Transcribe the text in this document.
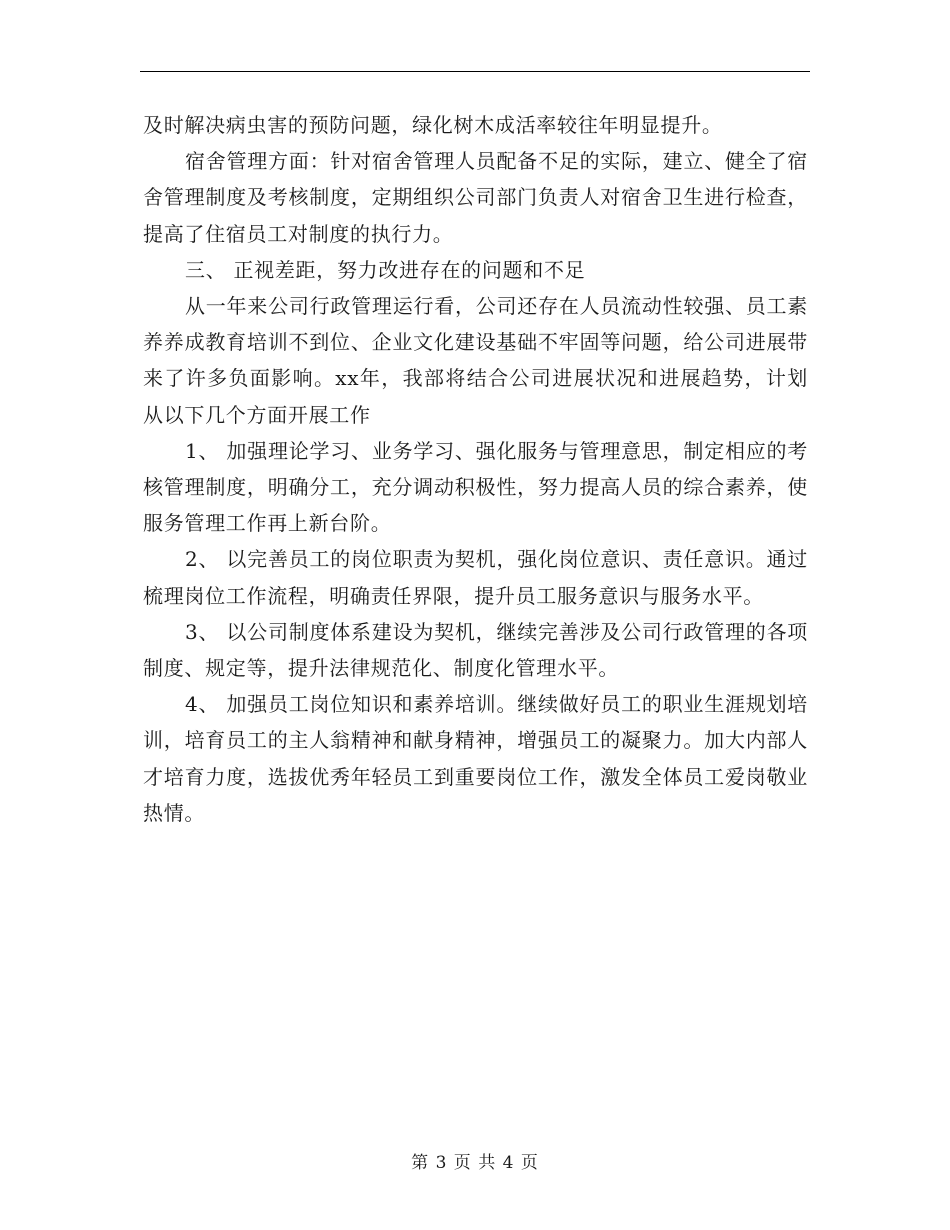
及时解决病虫害的预防问题，绿化树木成活率较往年明显提升。

宿舍管理方面：针对宿舍管理人员配备不足的实际，建立、健全了宿舍管理制度及考核制度，定期组织公司部门负责人对宿舍卫生进行检查，提高了住宿员工对制度的执行力。

三、 正视差距，努力改进存在的问题和不足

从一年来公司行政管理运行看，公司还存在人员流动性较强、员工素养养成教育培训不到位、企业文化建设基础不牢固等问题，给公司进展带来了许多负面影响。xx年，我部将结合公司进展状况和进展趋势，计划从以下几个方面开展工作

1、 加强理论学习、业务学习、强化服务与管理意思，制定相应的考核管理制度，明确分工，充分调动积极性，努力提高人员的综合素养，使服务管理工作再上新台阶。

2、 以完善员工的岗位职责为契机，强化岗位意识、责任意识。通过梳理岗位工作流程，明确责任界限，提升员工服务意识与服务水平。

3、 以公司制度体系建设为契机，继续完善涉及公司行政管理的各项制度、规定等，提升法律规范化、制度化管理水平。

4、 加强员工岗位知识和素养培训。继续做好员工的职业生涯规划培训，培育员工的主人翁精神和献身精神，增强员工的凝聚力。加大内部人才培育力度，选拔优秀年轻员工到重要岗位工作，激发全体员工爱岗敬业热情。

第 3 页 共 4 页
